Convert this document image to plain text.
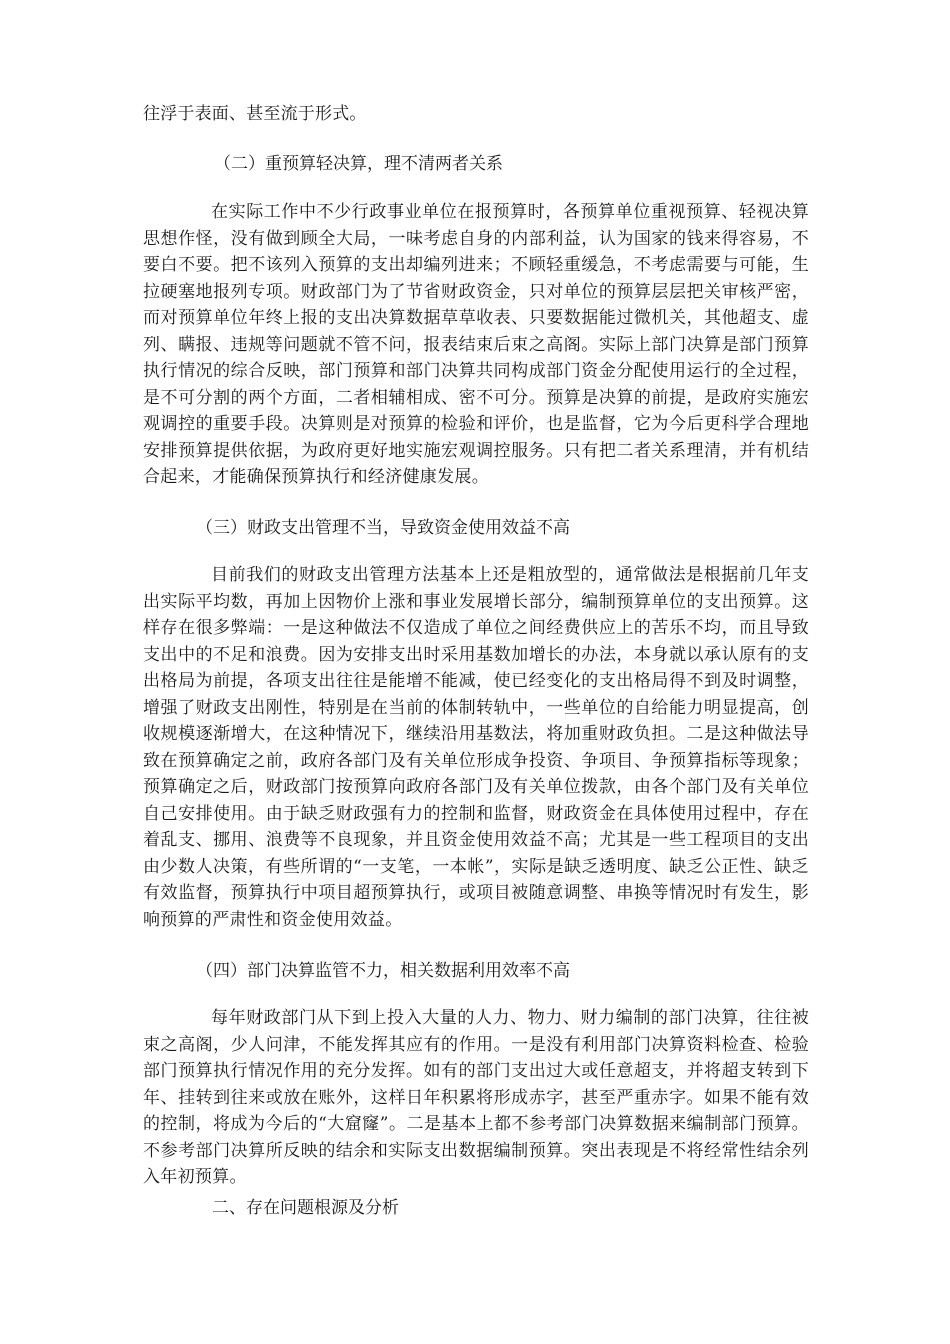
往浮于表面、甚至流于形式。
（二）重预算轻决算，理不清两者关系
在实际工作中不少行政事业单位在报预算时，各预算单位重视预算、轻视决算思想作怪，没有做到顾全大局，一味考虑自身的内部利益，认为国家的钱来得容易，不要白不要。把不该列入预算的支出却编列进来；不顾轻重缓急，不考虑需要与可能，生拉硬塞地报列专项。财政部门为了节省财政资金，只对单位的预算层层把关审核严密，而对预算单位年终上报的支出决算数据草草收表、只要数据能过微机关，其他超支、虚列、瞒报、违规等问题就不管不问，报表结束后束之高阁。实际上部门决算是部门预算执行情况的综合反映，部门预算和部门决算共同构成部门资金分配使用运行的全过程，是不可分割的两个方面，二者相辅相成、密不可分。预算是决算的前提，是政府实施宏观调控的重要手段。决算则是对预算的检验和评价，也是监督，它为今后更科学合理地安排预算提供依据，为政府更好地实施宏观调控服务。只有把二者关系理清，并有机结合起来，才能确保预算执行和经济健康发展。
（三）财政支出管理不当，导致资金使用效益不高
目前我们的财政支出管理方法基本上还是粗放型的，通常做法是根据前几年支出实际平均数，再加上因物价上涨和事业发展增长部分，编制预算单位的支出预算。这样存在很多弊端：一是这种做法不仅造成了单位之间经费供应上的苦乐不均，而且导致支出中的不足和浪费。因为安排支出时采用基数加增长的办法，本身就以承认原有的支出格局为前提，各项支出往往是能增不能减，使已经变化的支出格局得不到及时调整，增强了财政支出刚性，特别是在当前的体制转轨中，一些单位的自给能力明显提高，创收规模逐渐增大，在这种情况下，继续沿用基数法，将加重财政负担。二是这种做法导致在预算确定之前，政府各部门及有关单位形成争投资、争项目、争预算指标等现象；预算确定之后，财政部门按预算向政府各部门及有关单位拨款，由各个部门及有关单位自己安排使用。由于缺乏财政强有力的控制和监督，财政资金在具体使用过程中，存在着乱支、挪用、浪费等不良现象，并且资金使用效益不高；尤其是一些工程项目的支出由少数人决策，有些所谓的“一支笔，一本帐”，实际是缺乏透明度、缺乏公正性、缺乏有效监督，预算执行中项目超预算执行，或项目被随意调整、串换等情况时有发生，影响预算的严肃性和资金使用效益。
（四）部门决算监管不力，相关数据利用效率不高
每年财政部门从下到上投入大量的人力、物力、财力编制的部门决算，往往被束之高阁，少人问津，不能发挥其应有的作用。一是没有利用部门决算资料检查、检验部门预算执行情况作用的充分发挥。如有的部门支出过大或任意超支，并将超支转到下年、挂转到往来或放在账外，这样日年积累将形成赤字，甚至严重赤字。如果不能有效的控制，将成为今后的“大窟窿”。二是基本上都不参考部门决算数据来编制部门预算。不参考部门决算所反映的结余和实际支出数据编制预算。突出表现是不将经常性结余列入年初预算。
二、存在问题根源及分析
